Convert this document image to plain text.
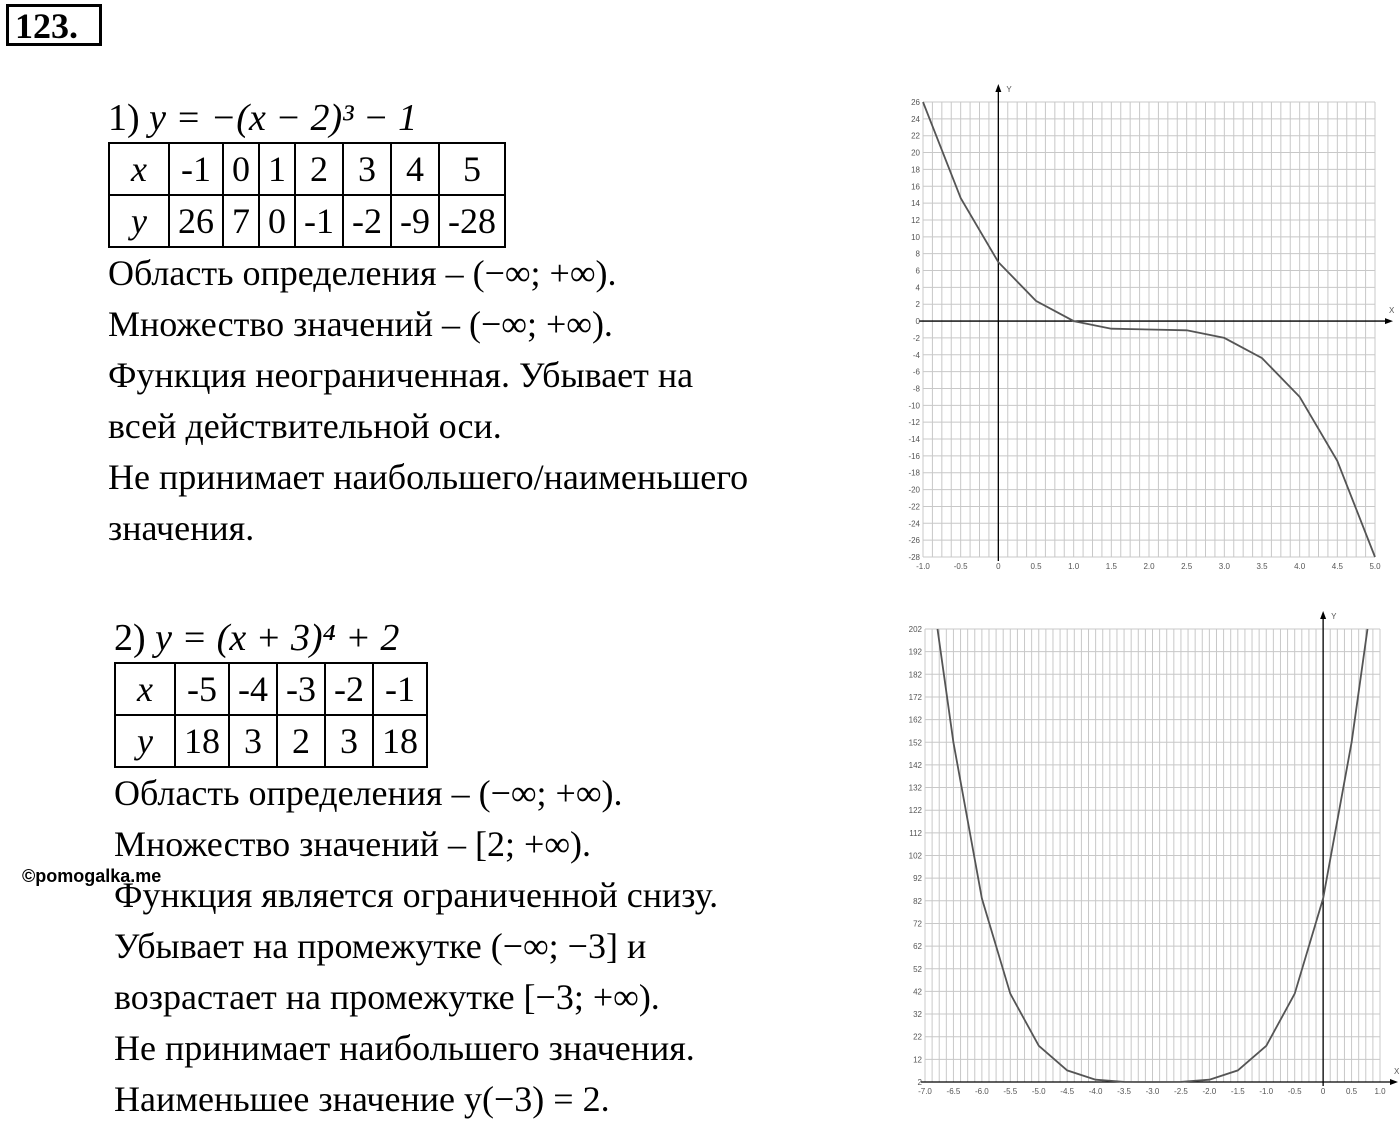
123.
1) y = −(x − 2)³ − 1
x	-1	0	1	2	3	4	5
y	26	7	0	-1	-2	-9	-28
Область определения – (−∞; +∞).
Множество значений – (−∞; +∞).
Функция неограниченная. Убывает на
всей действительной оси.
Не принимает наибольшего/наименьшего
значения.
2) y = (x + 3)⁴ + 2
x	-5	-4	-3	-2	-1
y	18	3	2	3	18
Область определения – (−∞; +∞).
Множество значений – [2; +∞).
Функция является ограниченной снизу.
Убывает на промежутке (−∞; −3] и
возрастает на промежутке [−3; +∞).
Не принимает наибольшего значения.
Наименьшее значение y(−3) = 2.
©pomogalka.me
X
Y
-1.0	-0.5	0	0.5	1.0	1.5	2.0	2.5	3.0	3.5	4.0	4.5	5.0
26
24
22
20
18
16
14
12
10
8
6
4
2
0
-2
-4
-6
-8
-10
-12
-14
-16
-18
-20
-22
-24
-26
-28
X
Y
-7.0 -6.5 -6.0 -5.5 -5.0 -4.5 -4.0 -3.5 -3.0 -2.5 -2.0 -1.5 -1.0 -0.5 0	0.5 1.0
202
192
182
172
162
152
142
132
122
112
102
92
82
72
62
52
42
32
22
12
2
